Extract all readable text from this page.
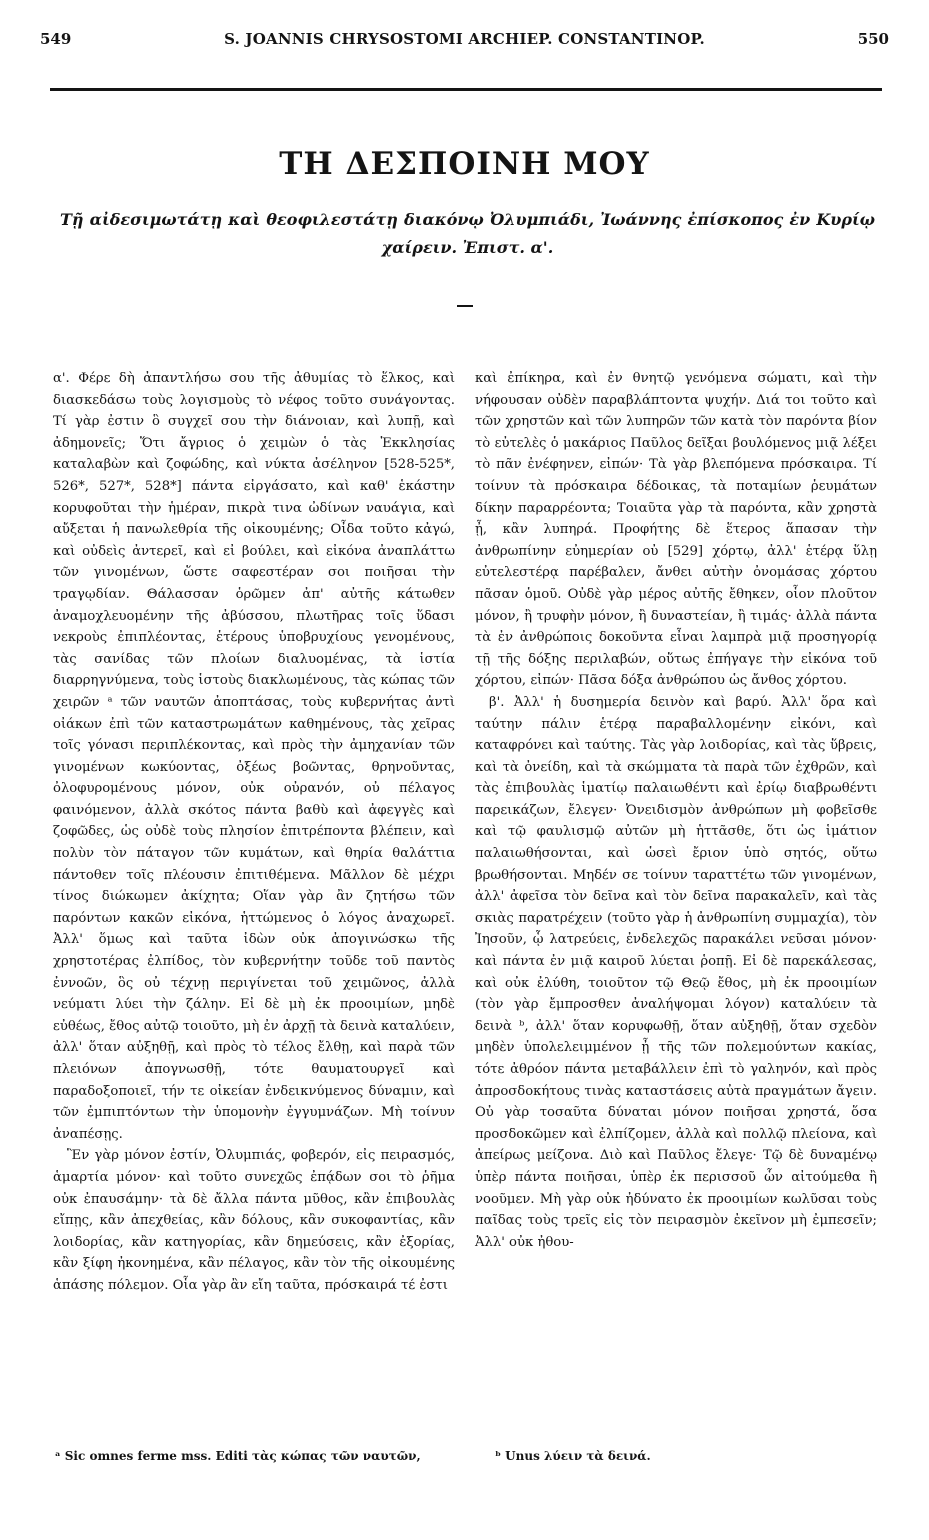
549	S. JOANNIS CHRYSOSTOMI ARCHIEP. CONSTANTINOP.	550
ΤΗ ΔΕΣΠΟΙΝΗ ΜΟΥ
Τῇ αἰδεσιμωτάτῃ καὶ θεοφιλεστάτῃ διακόνῳ Ὀλυμπιάδι, Ἰωάννης ἐπίσκοπος ἐν Κυρίῳ χαίρειν. Ἐπιστ. α'.

α'. Φέρε δὴ ἀπαντλήσω σου τῆς ἀθυμίας τὸ ἕλκος, καὶ διασκεδάσω τοὺς λογισμοὺς τὸ νέφος τοῦτο συνάγοντας. Τί γὰρ ἐστιν ὃ συγχεῖ σου τὴν διάνοιαν, καὶ λυπῇ, καὶ ἀδημονεῖς; Ὅτι ἄγριος ὁ χειμὼν ὁ τὰς Ἐκκλησίας καταλαβὼν καὶ ζοφώδης, καὶ νύκτα ἀσέληνον [528-525*, 526*, 527*, 528*] πάντα εἰργάσατο, καὶ καθ' ἑκάστην κορυφοῦται τὴν ἡμέραν, πικρὰ τινα ὠδίνων ναυάγια, καὶ αὔξεται ἡ πανωλεθρία τῆς οἰκουμένης; Οἶδα τοῦτο κἀγώ, καὶ οὐδεὶς ἀντερεῖ, καὶ εἰ βούλει, καὶ εἰκόνα ἀναπλάττω τῶν γινομένων, ὥστε σαφεστέραν σοι ποιῆσαι τὴν τραγῳδίαν. Θάλασσαν ὁρῶμεν ἀπ' αὐτῆς κάτωθεν ἀναμοχλευομένην τῆς ἀβύσσου, πλωτῆρας τοῖς ὕδασι νεκροὺς ἐπιπλέοντας, ἑτέρους ὑποβρυχίους γενομένους, τὰς σανίδας τῶν πλοίων διαλυομένας, τὰ ἱστία διαρρηγνύμενα, τοὺς ἱστοὺς διακλωμένους, τὰς κώπας τῶν χειρῶν ᵃ τῶν ναυτῶν ἀποπτάσας, τοὺς κυβερνήτας ἀντὶ οἰάκων ἐπὶ τῶν καταστρωμάτων καθημένους, τὰς χεῖρας τοῖς γόνασι περιπλέκοντας, καὶ πρὸς τὴν ἀμηχανίαν τῶν γινομένων κωκύοντας, ὀξέως βοῶντας, θρηνοῦντας, ὀλοφυρομένους μόνον, οὐκ οὐρανόν, οὐ πέλαγος φαινόμενον, ἀλλὰ σκότος πάντα βαθὺ καὶ ἀφεγγὲς καὶ ζοφῶδες, ὡς οὐδὲ τοὺς πλησίον ἐπιτρέποντα βλέπειν, καὶ πολὺν τὸν πάταγον τῶν κυμάτων, καὶ θηρία θαλάττια πάντοθεν τοῖς πλέουσιν ἐπιτιθέμενα. Μᾶλλον δὲ μέχρι τίνος διώκωμεν ἀκίχητα; Οἵαν γὰρ ἂν ζητήσω τῶν παρόντων κακῶν εἰκόνα, ἡττώμενος ὁ λόγος ἀναχωρεῖ. Ἀλλ' ὅμως καὶ ταῦτα ἰδὼν οὐκ ἀπογινώσκω τῆς χρηστοτέρας ἐλπίδος, τὸν κυβερνήτην τοῦδε τοῦ παντὸς ἐννοῶν, ὃς οὐ τέχνῃ περιγίνεται τοῦ χειμῶνος, ἀλλὰ νεύματι λύει τὴν ζάλην. Εἰ δὲ μὴ ἐκ προοιμίων, μηδὲ εὐθέως, ἔθος αὐτῷ τοιοῦτο, μὴ ἐν ἀρχῇ τὰ δεινὰ καταλύειν, ἀλλ' ὅταν αὐξηθῇ, καὶ πρὸς τὸ τέλος ἔλθῃ, καὶ παρὰ τῶν πλειόνων ἀπογνωσθῇ, τότε θαυματουργεῖ καὶ παραδοξοποιεῖ, τήν τε οἰκείαν ἐνδεικνύμενος δύναμιν, καὶ τῶν ἐμπιπτόντων τὴν ὑπομονὴν ἐγγυμνάζων. Μὴ τοίνυν ἀναπέσῃς.

Ἓν γὰρ μόνον ἐστίν, Ὀλυμπιάς, φοβερόν, εἰς πειρασμός, ἁμαρτία μόνον· καὶ τοῦτο συνεχῶς ἐπᾴδων σοι τὸ ῥῆμα οὐκ ἐπαυσάμην· τὰ δὲ ἄλλα πάντα μῦθος, κἂν ἐπιβουλὰς εἴπῃς, κἂν ἀπεχθείας, κἂν δόλους, κἂν συκοφαντίας, κἂν λοιδορίας, κἂν κατηγορίας, κἂν δημεύσεις, κἂν ἐξορίας, κἂν ξίφη ἠκονημένα, κἂν πέλαγος, κἂν τὸν τῆς οἰκουμένης ἁπάσης πόλεμον. Οἷα γὰρ ἂν εἴη ταῦτα, πρόσκαιρά τέ ἐστι

καὶ ἐπίκηρα, καὶ ἐν θνητῷ γενόμενα σώματι, καὶ τὴν νήφουσαν οὐδὲν παραβλάπτοντα ψυχήν. Διά τοι τοῦτο καὶ τῶν χρηστῶν καὶ τῶν λυπηρῶν τῶν κατὰ τὸν παρόντα βίον τὸ εὐτελὲς ὁ μακάριος Παῦλος δεῖξαι βουλόμενος μιᾷ λέξει τὸ πᾶν ἐνέφηνεν, εἰπών· Τὰ γὰρ βλεπόμενα πρόσκαιρα. Τί τοίνυν τὰ πρόσκαιρα δέδοικας, τὰ ποταμίων ῥευμάτων δίκην παραρρέοντα; Τοιαῦτα γὰρ τὰ παρόντα, κἂν χρηστὰ ᾖ, κἂν λυπηρά. Προφήτης δὲ ἕτερος ἅπασαν τὴν ἀνθρωπίνην εὐημερίαν οὐ [529] χόρτῳ, ἀλλ' ἑτέρᾳ ὕλῃ εὐτελεστέρᾳ παρέβαλεν, ἄνθει αὐτὴν ὀνομάσας χόρτου πᾶσαν ὁμοῦ. Οὐδὲ γὰρ μέρος αὐτῆς ἔθηκεν, οἷον πλοῦτον μόνον, ἢ τρυφὴν μόνον, ἢ δυναστείαν, ἢ τιμάς· ἀλλὰ πάντα τὰ ἐν ἀνθρώποις δοκοῦντα εἶναι λαμπρὰ μιᾷ προσηγορίᾳ τῇ τῆς δόξης περιλαβών, οὕτως ἐπήγαγε τὴν εἰκόνα τοῦ χόρτου, εἰπών· Πᾶσα δόξα ἀνθρώπου ὡς ἄνθος χόρτου.

β'. Ἀλλ' ἡ δυσημερία δεινὸν καὶ βαρύ. Ἀλλ' ὅρα καὶ ταύτην πάλιν ἑτέρᾳ παραβαλλομένην εἰκόνι, καὶ καταφρόνει καὶ ταύτης. Τὰς γὰρ λοιδορίας, καὶ τὰς ὕβρεις, καὶ τὰ ὀνείδη, καὶ τὰ σκώμματα τὰ παρὰ τῶν ἐχθρῶν, καὶ τὰς ἐπιβουλὰς ἱματίῳ παλαιωθέντι καὶ ἐρίῳ διαβρωθέντι παρεικάζων, ἔλεγεν· Ὀνειδισμὸν ἀνθρώπων μὴ φοβεῖσθε καὶ τῷ φαυλισμῷ αὐτῶν μὴ ἡττᾶσθε, ὅτι ὡς ἱμάτιον παλαιωθήσονται, καὶ ὡσεὶ ἔριον ὑπὸ σητός, οὕτω βρωθήσονται. Μηδέν σε τοίνυν ταραττέτω τῶν γινομένων, ἀλλ' ἀφεῖσα τὸν δεῖνα καὶ τὸν δεῖνα παρακαλεῖν, καὶ τὰς σκιὰς παρατρέχειν (τοῦτο γὰρ ἡ ἀνθρωπίνη συμμαχία), τὸν Ἰησοῦν, ᾧ λατρεύεις, ἐνδελεχῶς παρακάλει νεῦσαι μόνον· καὶ πάντα ἐν μιᾷ καιροῦ λύεται ῥοπῇ. Εἰ δὲ παρεκάλεσας, καὶ οὐκ ἐλύθη, τοιοῦτον τῷ Θεῷ ἔθος, μὴ ἐκ προοιμίων (τὸν γὰρ ἔμπροσθεν ἀναλήψομαι λόγον) καταλύειν τὰ δεινὰ ᵇ, ἀλλ' ὅταν κορυφωθῇ, ὅταν αὐξηθῇ, ὅταν σχεδὸν μηδὲν ὑπολελειμμένον ᾖ τῆς τῶν πολεμούντων κακίας, τότε ἀθρόον πάντα μεταβάλλειν ἐπὶ τὸ γαληνόν, καὶ πρὸς ἀπροσδοκήτους τινὰς καταστάσεις αὐτὰ πραγμάτων ἄγειν. Οὐ γὰρ τοσαῦτα δύναται μόνον ποιῆσαι χρηστά, ὅσα προσδοκῶμεν καὶ ἐλπίζομεν, ἀλλὰ καὶ πολλῷ πλείονα, καὶ ἀπείρως μείζονα. Διὸ καὶ Παῦλος ἔλεγε· Τῷ δὲ δυναμένῳ ὑπὲρ πάντα ποιῆσαι, ὑπὲρ ἐκ περισσοῦ ὧν αἰτούμεθα ἢ νοοῦμεν. Μὴ γὰρ οὐκ ἠδύνατο ἐκ προοιμίων κωλῦσαι τοὺς παῖδας τοὺς τρεῖς εἰς τὸν πειρασμὸν ἐκεῖνον μὴ ἐμπεσεῖν; Ἀλλ' οὐκ ἠθου-

ᵃ Sic omnes ferme mss. Editi τὰς κώπας τῶν ναυτῶν,	ᵇ Unus λύειν τὰ δεινά.
